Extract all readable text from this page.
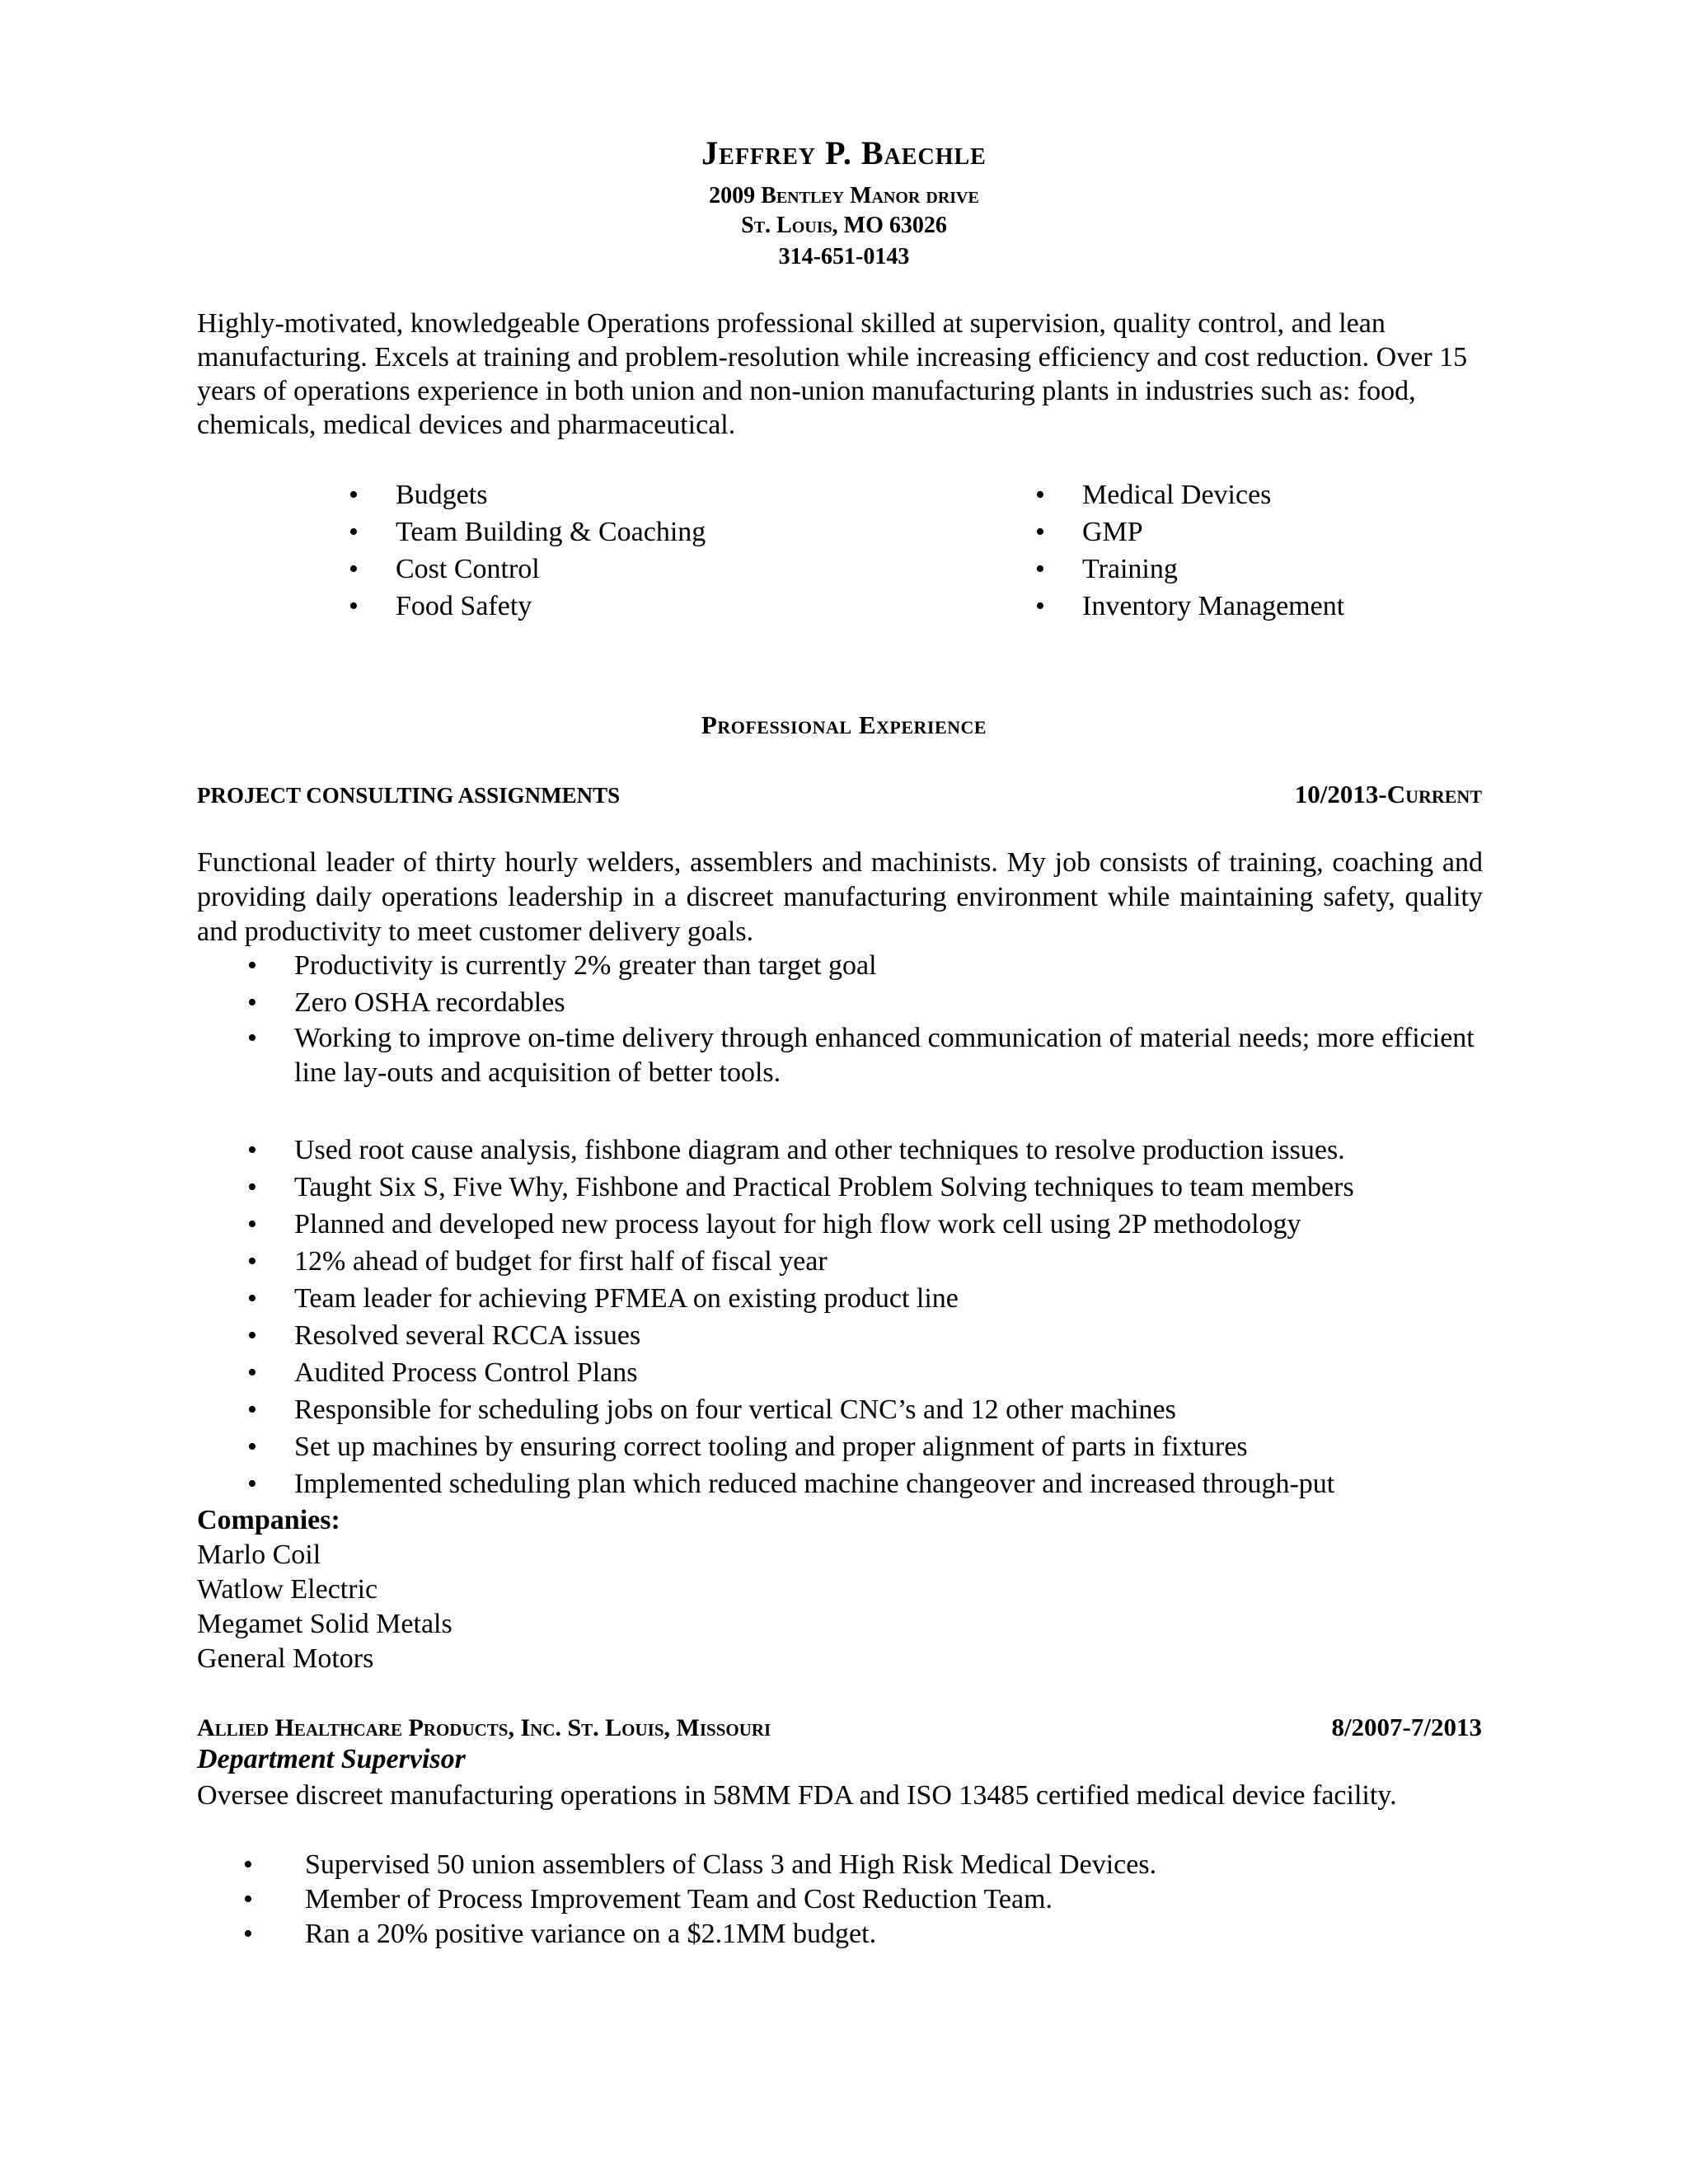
Jeffrey P. Baechle
2009 Bentley Manor drive
St. Louis, MO 63026
314-651-0143
Highly-motivated, knowledgeable Operations professional skilled at supervision, quality control, and lean manufacturing. Excels at training and problem-resolution while increasing efficiency and cost reduction. Over 15 years of operations experience in both union and non-union manufacturing plants in industries such as: food, chemicals, medical devices and pharmaceutical.
• Budgets
• Team Building & Coaching
• Cost Control
• Food Safety
• Medical Devices
• GMP
• Training
• Inventory Management
Professional Experience
PROJECT CONSULTING ASSIGNMENTS	10/2013-Current
Functional leader of thirty hourly welders, assemblers and machinists. My job consists of training, coaching and providing daily operations leadership in a discreet manufacturing environment while maintaining safety, quality and productivity to meet customer delivery goals.
• Productivity is currently 2% greater than target goal
• Zero OSHA recordables
• Working to improve on-time delivery through enhanced communication of material needs; more efficient line lay-outs and acquisition of better tools.
• Used root cause analysis, fishbone diagram and other techniques to resolve production issues.
• Taught Six S, Five Why, Fishbone and Practical Problem Solving techniques to team members
• Planned and developed new process layout for high flow work cell using 2P methodology
• 12% ahead of budget for first half of fiscal year
• Team leader for achieving PFMEA on existing product line
• Resolved several RCCA issues
• Audited Process Control Plans
• Responsible for scheduling jobs on four vertical CNC’s and 12 other machines
• Set up machines by ensuring correct tooling and proper alignment of parts in fixtures
• Implemented scheduling plan which reduced machine changeover and increased through-put
Companies:
Marlo Coil
Watlow Electric
Megamet Solid Metals
General Motors
Allied Healthcare Products, Inc. St. Louis, Missouri	8/2007-7/2013
Department Supervisor
Oversee discreet manufacturing operations in 58MM FDA and ISO 13485 certified medical device facility.
• Supervised 50 union assemblers of Class 3 and High Risk Medical Devices.
• Member of Process Improvement Team and Cost Reduction Team.
• Ran a 20% positive variance on a $2.1MM budget.
